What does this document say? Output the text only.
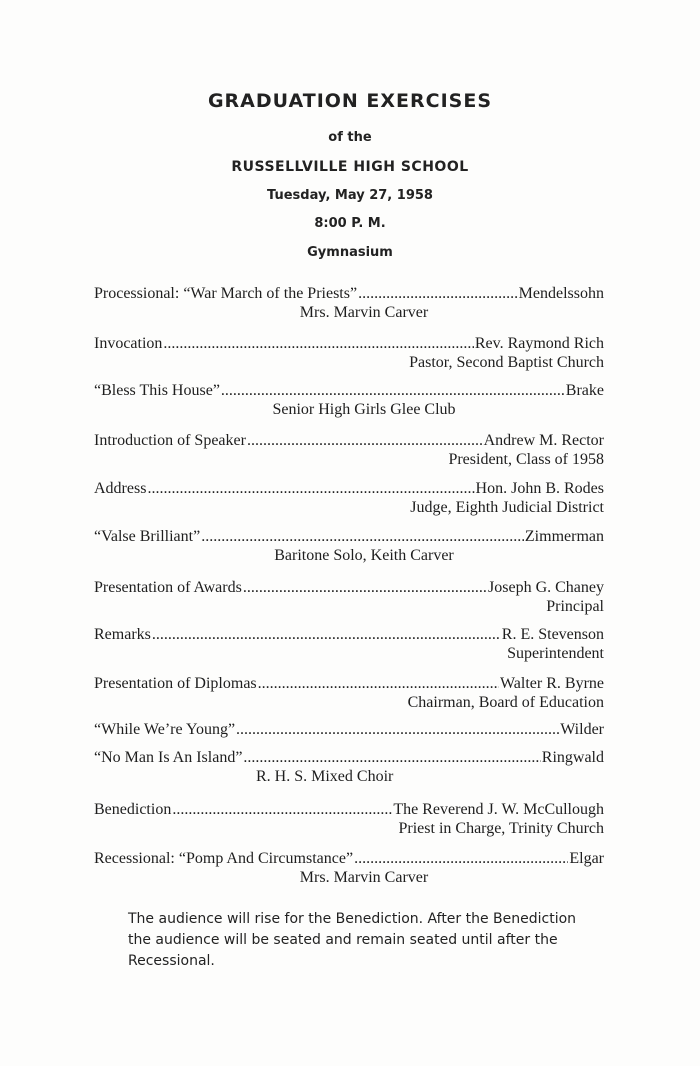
GRADUATION EXERCISES
of the
RUSSELLVILLE HIGH SCHOOL
Tuesday, May 27, 1958
8:00 P. M.
Gymnasium
Processional: “War March of the Priests” .....	Mendelssohn
Mrs. Marvin Carver
Invocation .....	Rev. Raymond Rich
Pastor, Second Baptist Church
“Bless This House” .....	Brake
Senior High Girls Glee Club
Introduction of Speaker .....	Andrew M. Rector
President, Class of 1958
Address .....	Hon. John B. Rodes
Judge, Eighth Judicial District
“Valse Brilliant” .....	Zimmerman
Baritone Solo, Keith Carver
Presentation of Awards .....	Joseph G. Chaney
Principal
Remarks .....	R. E. Stevenson
Superintendent
Presentation of Diplomas .....	Walter R. Byrne
Chairman, Board of Education
“While We’re Young” .....	Wilder
“No Man Is An Island” .....	Ringwald
R. H. S. Mixed Choir
Benediction .....	The Reverend J. W. McCullough
Priest in Charge, Trinity Church
Recessional: “Pomp And Circumstance” .....	Elgar
Mrs. Marvin Carver
The audience will rise for the Benediction. After the Benediction the audience will be seated and remain seated until after the Recessional.
